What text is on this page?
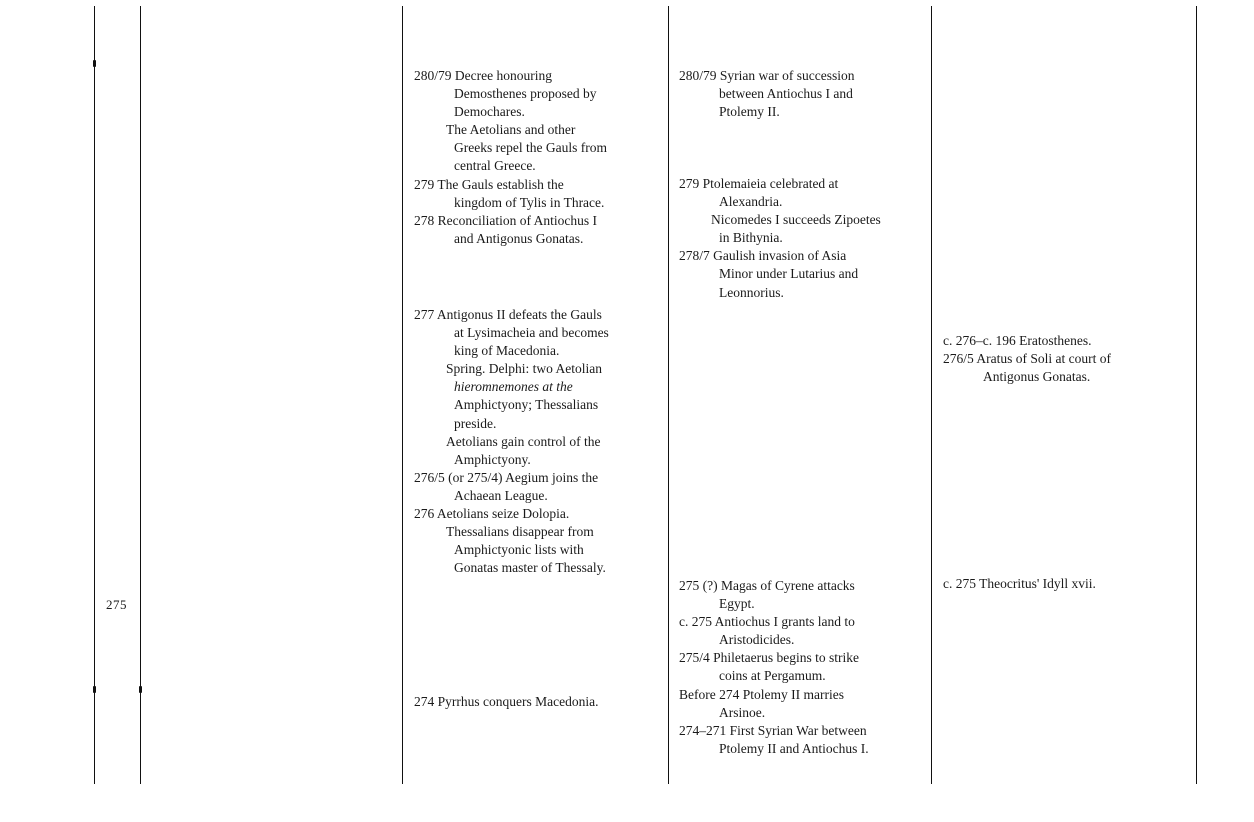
275
280/79 Decree honouring
Demosthenes proposed by
Demochares.
The Aetolians and other
Greeks repel the Gauls from
central Greece.
279 The Gauls establish the
kingdom of Tylis in Thrace.
278 Reconciliation of Antiochus I
and Antigonus Gonatas.
277 Antigonus II defeats the Gauls
at Lysimacheia and becomes
king of Macedonia.
Spring. Delphi: two Aetolian
hieromnemones at the
Amphictyony; Thessalians
preside.
Aetolians gain control of the
Amphictyony.
276/5 (or 275/4) Aegium joins the
Achaean League.
276 Aetolians seize Dolopia.
Thessalians disappear from
Amphictyonic lists with
Gonatas master of Thessaly.
274 Pyrrhus conquers Macedonia.
280/79 Syrian war of succession
between Antiochus I and
Ptolemy II.
279 Ptolemaieia celebrated at
Alexandria.
Nicomedes I succeeds Zipoetes
in Bithynia.
278/7 Gaulish invasion of Asia
Minor under Lutarius and
Leonnorius.
275 (?) Magas of Cyrene attacks
Egypt.
c. 275 Antiochus I grants land to
Aristodicides.
275/4 Philetaerus begins to strike
coins at Pergamum.
Before 274 Ptolemy II marries
Arsinoe.
274–271 First Syrian War between
Ptolemy II and Antiochus I.
c. 276–c. 196 Eratosthenes.
276/5 Aratus of Soli at court of
Antigonus Gonatas.
c. 275 Theocritus' Idyll xvii.
